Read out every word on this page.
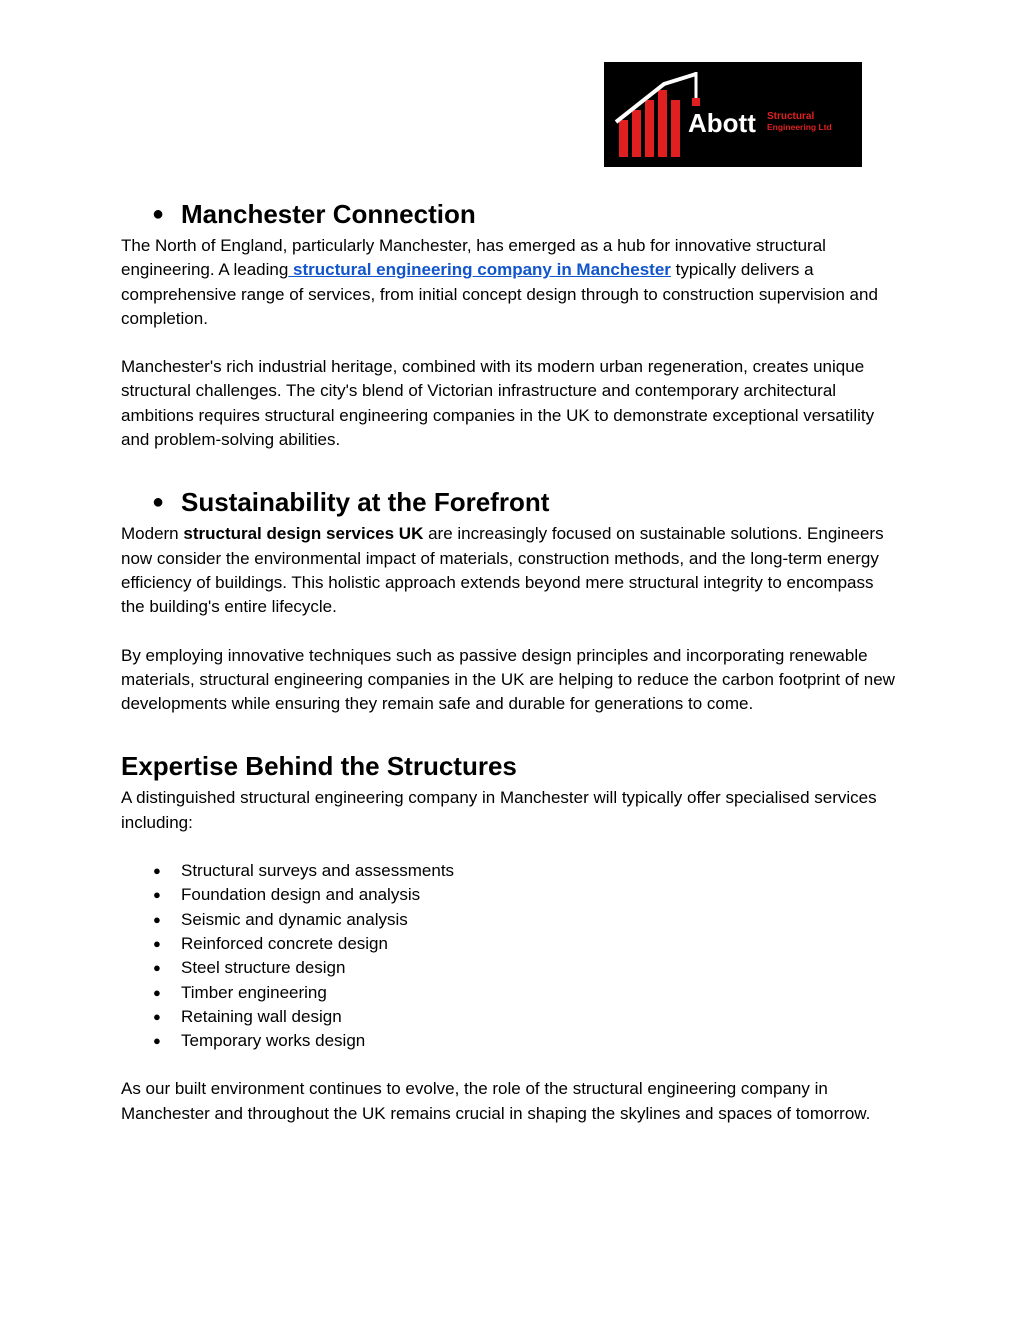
Abott Structural
Engineering Ltd
● Manchester Connection

The North of England, particularly Manchester, has emerged as a hub for innovative structural engineering. A leading structural engineering company in Manchester typically delivers a comprehensive range of services, from initial concept design through to construction supervision and completion.

Manchester's rich industrial heritage, combined with its modern urban regeneration, creates unique structural challenges. The city's blend of Victorian infrastructure and contemporary architectural ambitions requires structural engineering companies in the UK to demonstrate exceptional versatility and problem-solving abilities.

● Sustainability at the Forefront

Modern structural design services UK are increasingly focused on sustainable solutions. Engineers now consider the environmental impact of materials, construction methods, and the long-term energy efficiency of buildings. This holistic approach extends beyond mere structural integrity to encompass the building's entire lifecycle.

By employing innovative techniques such as passive design principles and incorporating renewable materials, structural engineering companies in the UK are helping to reduce the carbon footprint of new developments while ensuring they remain safe and durable for generations to come.

Expertise Behind the Structures

A distinguished structural engineering company in Manchester will typically offer specialised services including:

● Structural surveys and assessments
● Foundation design and analysis
● Seismic and dynamic analysis
● Reinforced concrete design
● Steel structure design
● Timber engineering
● Retaining wall design
● Temporary works design

As our built environment continues to evolve, the role of the structural engineering company in Manchester and throughout the UK remains crucial in shaping the skylines and spaces of tomorrow.
